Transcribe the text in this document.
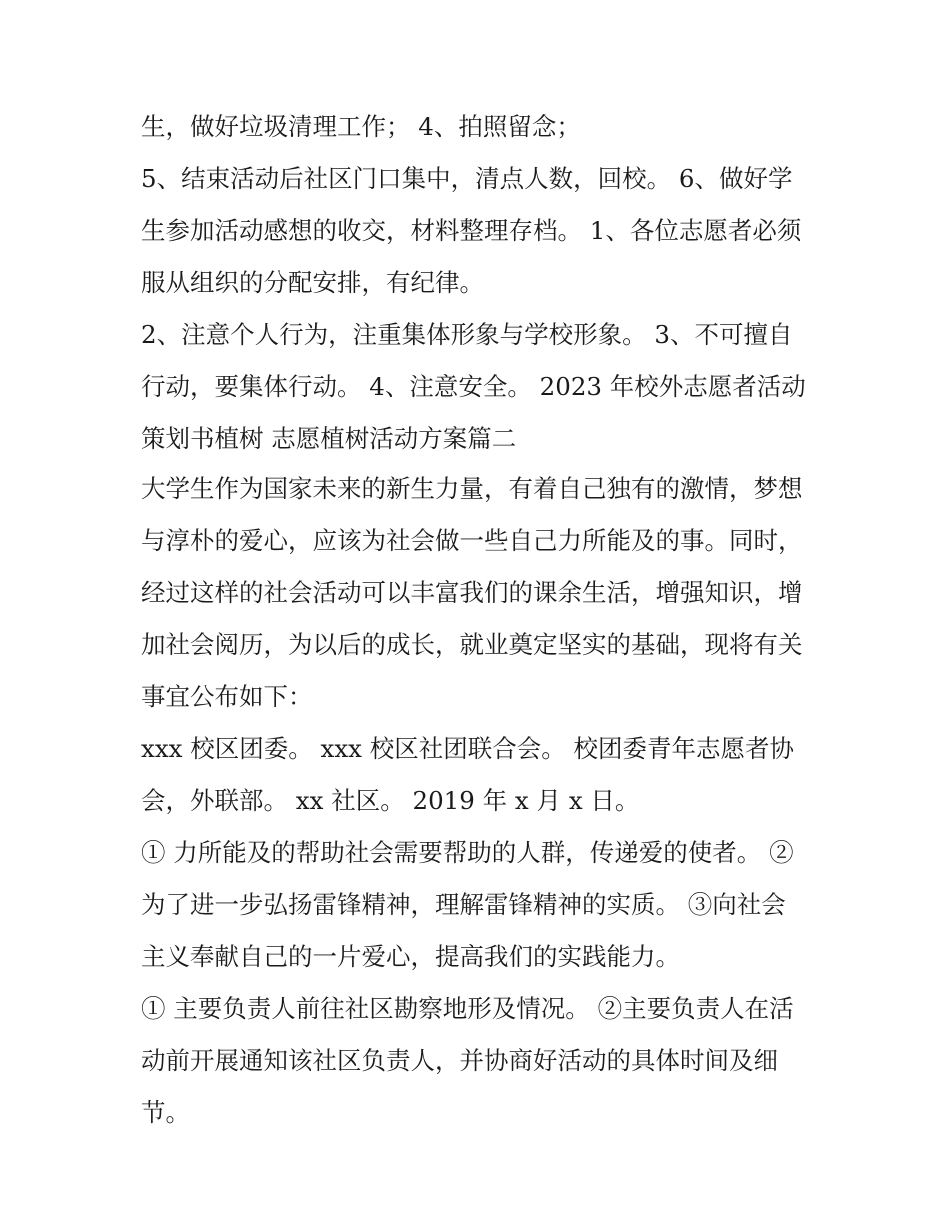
生，做好垃圾清理工作； 4、拍照留念；
5、结束活动后社区门口集中，清点人数，回校。 6、做好学
生参加活动感想的收交，材料整理存档。 1、各位志愿者必须
服从组织的分配安排，有纪律。
2、注意个人行为，注重集体形象与学校形象。 3、不可擅自
行动，要集体行动。 4、注意安全。 2023 年校外志愿者活动
策划书植树 志愿植树活动方案篇二
大学生作为国家未来的新生力量，有着自己独有的激情，梦想
与淳朴的爱心，应该为社会做一些自己力所能及的事。同时，
经过这样的社会活动可以丰富我们的课余生活，增强知识，增
加社会阅历，为以后的成长，就业奠定坚实的基础，现将有关
事宜公布如下：
xxx 校区团委。 xxx 校区社团联合会。 校团委青年志愿者协
会，外联部。 xx 社区。 2019 年 x 月 x 日。
① 力所能及的帮助社会需要帮助的人群，传递爱的使者。 ②
为了进一步弘扬雷锋精神，理解雷锋精神的实质。 ③向社会
主义奉献自己的一片爱心，提高我们的实践能力。
① 主要负责人前往社区勘察地形及情况。 ②主要负责人在活
动前开展通知该社区负责人，并协商好活动的具体时间及细
节。
